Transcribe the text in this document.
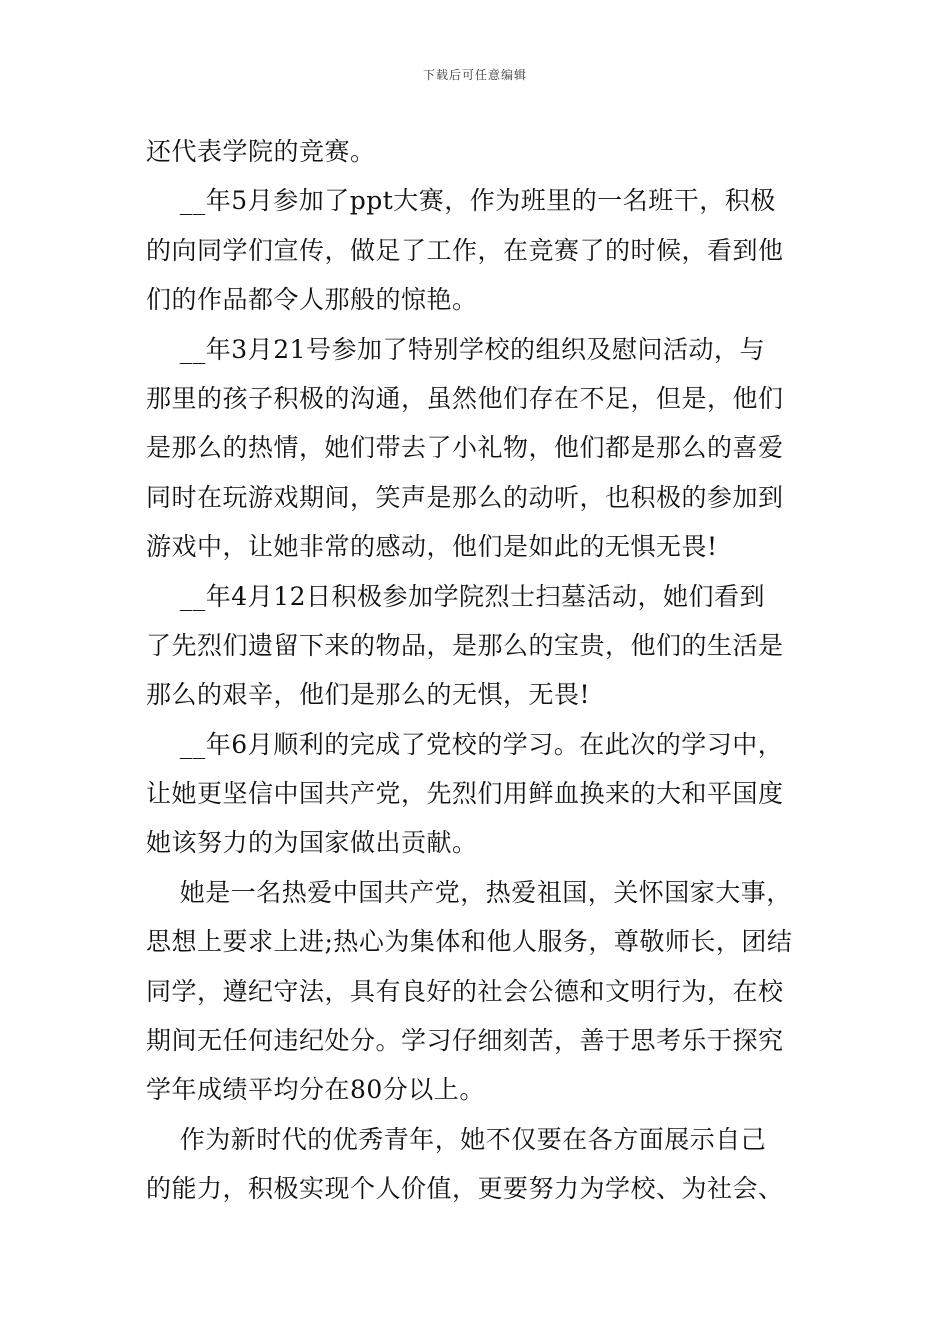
下载后可任意编辑
还代表学院的竞赛。
__年5月参加了ppt大赛，作为班里的一名班干，积极
的向同学们宣传，做足了工作，在竞赛了的时候，看到他
们的作品都令人那般的惊艳。
__年3月21号参加了特别学校的组织及慰问活动，与
那里的孩子积极的沟通，虽然他们存在不足，但是，他们
是那么的热情，她们带去了小礼物，他们都是那么的喜爱
同时在玩游戏期间，笑声是那么的动听，也积极的参加到
游戏中，让她非常的感动，他们是如此的无惧无畏!
__年4月12日积极参加学院烈士扫墓活动，她们看到
了先烈们遗留下来的物品，是那么的宝贵，他们的生活是
那么的艰辛，他们是那么的无惧，无畏!
__年6月顺利的完成了党校的学习。在此次的学习中，
让她更坚信中国共产党，先烈们用鲜血换来的大和平国度
她该努力的为国家做出贡献。
她是一名热爱中国共产党，热爱祖国，关怀国家大事，
思想上要求上进;热心为集体和他人服务，尊敬师长，团结
同学，遵纪守法，具有良好的社会公德和文明行为，在校
期间无任何违纪处分。学习仔细刻苦，善于思考乐于探究
学年成绩平均分在80分以上。
作为新时代的优秀青年，她不仅要在各方面展示自己
的能力，积极实现个人价值，更要努力为学校、为社会、
